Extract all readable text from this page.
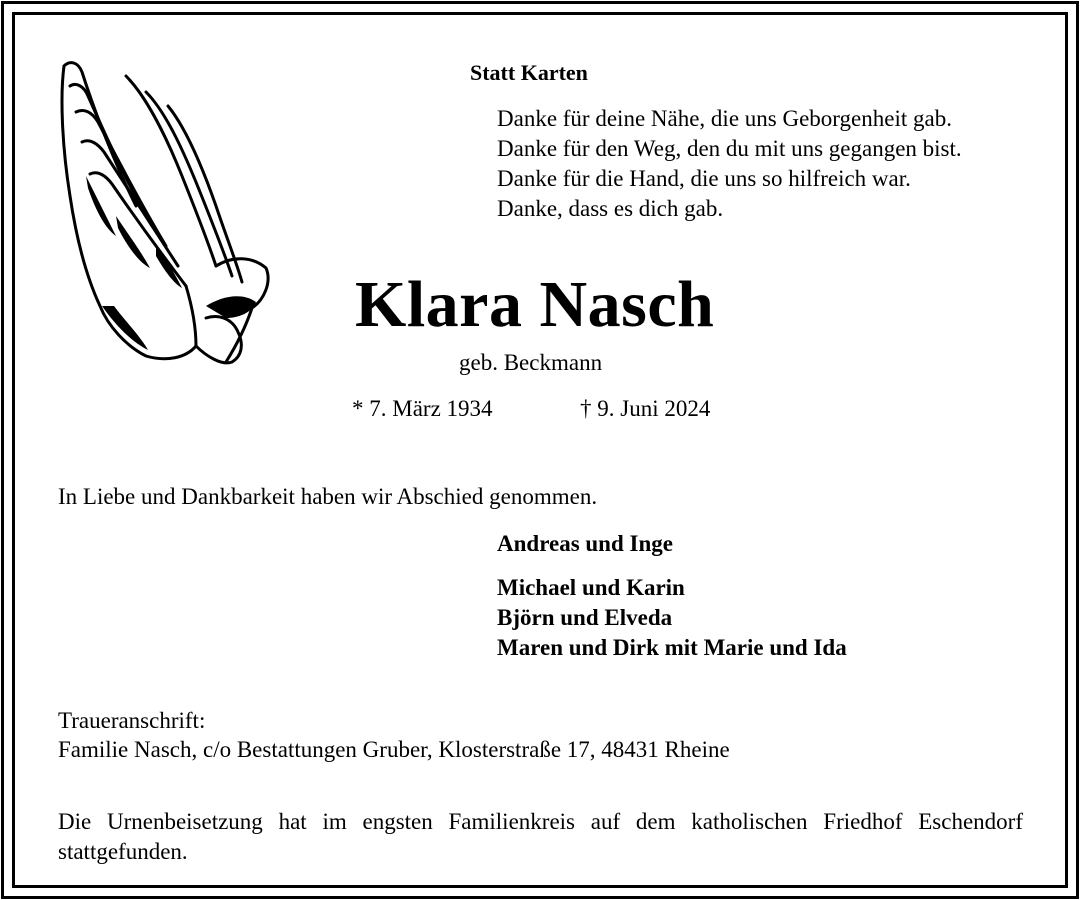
Statt Karten

Danke für deine Nähe, die uns Geborgenheit gab.
Danke für den Weg, den du mit uns gegangen bist.
Danke für die Hand, die uns so hilfreich war.
Danke, dass es dich gab.
Klara Nasch

geb. Beckmann

* 7. März 1934	† 9. Juni 2024

In Liebe und Dankbarkeit haben wir Abschied genommen.

Andreas und Inge

Michael und Karin
Björn und Elveda
Maren und Dirk mit Marie und Ida

Traueranschrift:

Familie Nasch, c/o Bestattungen Gruber, Klosterstraße 17, 48431 Rheine

Die Urnenbeisetzung hat im engsten Familienkreis auf dem katholischen Friedhof Eschendorf stattgefunden.
